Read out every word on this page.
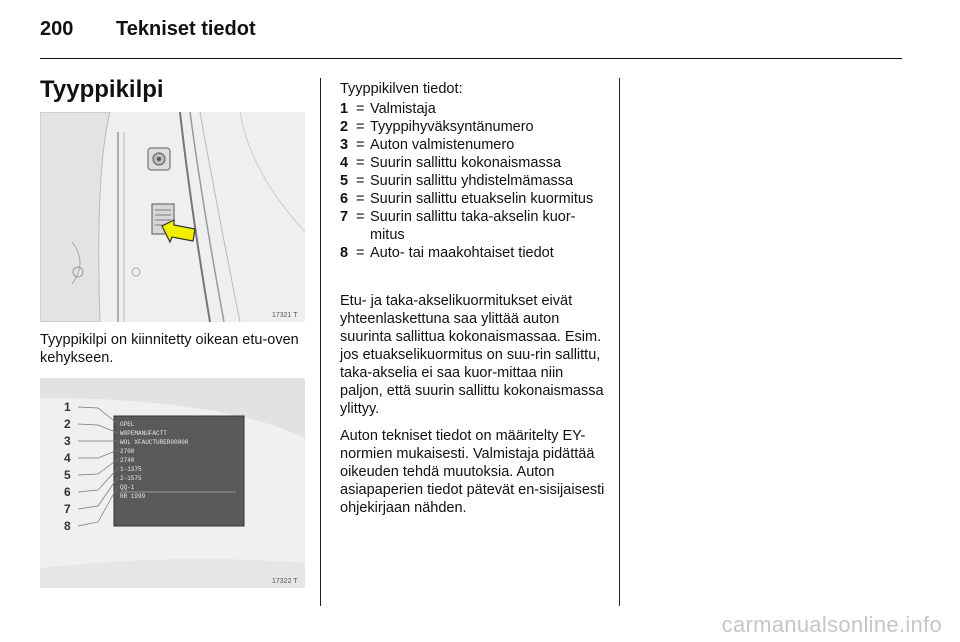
200 Tekniset tiedot
Tyyppikilpi
17321 T
Tyyppikilpi on kiinnitetty oikean etu-oven kehykseen.
1
2
3
4
5
6
7
8
OPEL
W0PEMANUFACTT
WOL XFAUCTURER00000
2700
2740
1-1375
2-1575
QQ-1
RR 1999
17322 T
Tyyppikilven tiedot:
1 = Valmistaja
2 = Tyyppihyväksyntänumero
3 = Auton valmistenumero
4 = Suurin sallittu kokonaismassa
5 = Suurin sallittu yhdistelmämassa
6 = Suurin sallittu etuakselin kuormitus
7 = Suurin sallittu taka-akselin kuor-mitus
8 = Auto- tai maakohtaiset tiedot

Etu- ja taka-akselikuormitukset eivät yhteenlaskettuna saa ylittää auton suurinta sallittua kokonaismassaa. Esim. jos etuakselikuormitus on suu-rin sallittu, taka-akselia ei saa kuor-mittaa niin paljon, että suurin sallittu kokonaismassa ylittyy.

Auton tekniset tiedot on määritelty EY-normien mukaisesti. Valmistaja pidättää oikeuden tehdä muutoksia. Auton asiapaperien tiedot pätevät en-sisijaisesti ohjekirjaan nähden.

carmanualsonline.info
